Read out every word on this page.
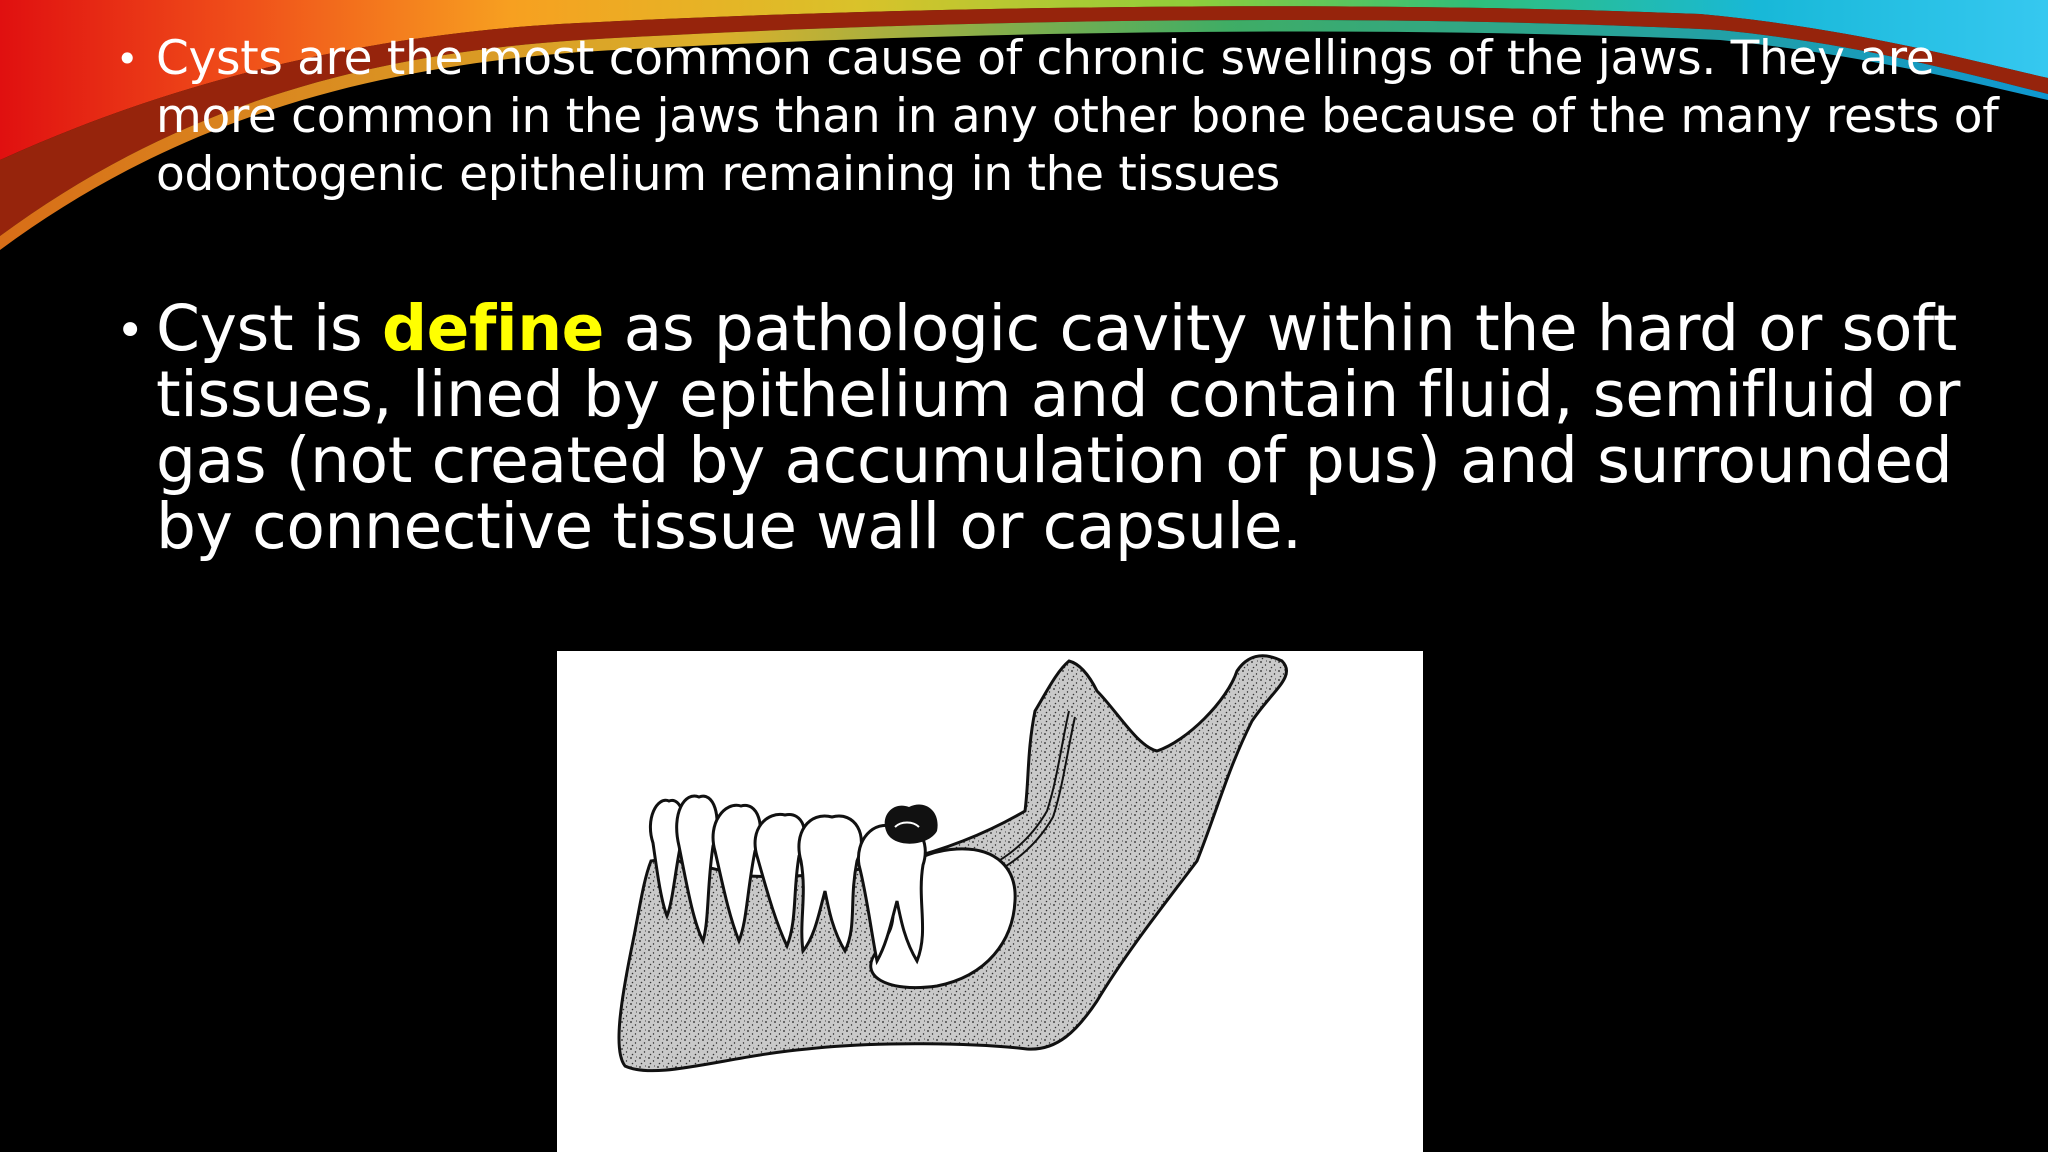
• Cysts are the most common cause of chronic swellings of the jaws. They are more common in the jaws than in any other bone because of the many rests of odontogenic epithelium remaining in the tissues
• Cyst is define as pathologic cavity within the hard or soft tissues, lined by epithelium and contain fluid, semifluid or gas (not created by accumulation of pus) and surrounded by connective tissue wall or capsule.
